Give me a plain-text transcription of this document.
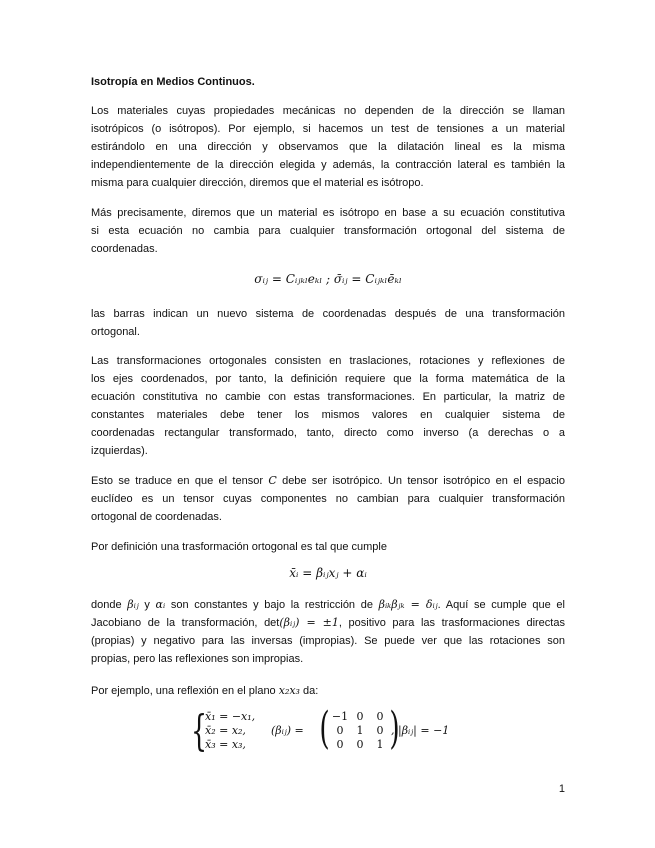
Isotropía en Medios Continuos.
Los materiales cuyas propiedades mecánicas no dependen de la dirección se llaman
isotrópicos (o isótropos). Por ejemplo, si hacemos un test de tensiones a un material
estirándolo en una dirección y observamos que la dilatación lineal es la misma
independientemente de la dirección elegida y además, la contracción lateral es también la
misma para cualquier dirección, diremos que el material es isótropo.
Más precisamente, diremos que un material es isótropo en base a su ecuación constitutiva
si esta ecuación no cambia para cualquier transformación ortogonal del sistema de
coordenadas.
σᵢⱼ = Cᵢⱼₖₗeₖₗ ; σ̄ᵢⱼ = Cᵢⱼₖₗēₖₗ
las barras indican un nuevo sistema de coordenadas después de una transformación
ortogonal.
Las transformaciones ortogonales consisten en traslaciones, rotaciones y reflexiones de
los ejes coordenados, por tanto, la definición requiere que la forma matemática de la
ecuación constitutiva no cambie con estas transformaciones. En particular, la matriz de
constantes materiales debe tener los mismos valores en cualquier sistema de
coordenadas rectangular transformado, tanto, directo como inverso (a derechas o a
izquierdas).
Esto se traduce en que el tensor C debe ser isotrópico. Un tensor isotrópico en el espacio
euclídeo es un tensor cuyas componentes no cambian para cualquier transformación
ortogonal de coordenadas.
Por definición una trasformación ortogonal es tal que cumple
x̄ᵢ = βᵢⱼxⱼ + αᵢ
donde βᵢⱼ y αᵢ son constantes y bajo la restricción de βᵢₖβⱼₖ = δᵢⱼ. Aquí se cumple que el
Jacobiano de la transformación, det(βᵢⱼ) = ±1, positivo para las trasformaciones directas
(propias) y negativo para las inversas (impropias). Se puede ver que las rotaciones son
propias, pero las reflexiones son impropias.
Por ejemplo, una reflexión en el plano x₂x₃ da:
{
x̄₁ = −x₁,
x̄₂ = x₂,
x̄₃ = x₃,
(βᵢⱼ) = ( −1 0 0
0 1 0
0 0 1 )
, |βᵢⱼ| = −1
1
